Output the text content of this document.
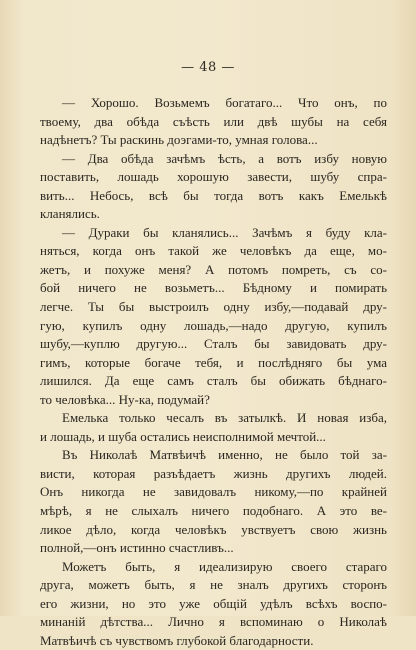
— 48 —
— Хорошо. Возьмемъ богатаго... Что онъ, по
твоему, два обѣда съѣсть или двѣ шубы на себя
надѣнетъ? Ты раскинь доэгами-то, умная голова...
— Два обѣда зачѣмъ ѣсть, а вотъ избу новую
поставить, лошадь хорошую завести, шубу спра-
вить... Небось, всѣ бы тогда вотъ какъ Емелькѣ
кланялись.
— Дураки бы кланялись... Зачѣмъ я буду кла-
няться, когда онъ такой же человѣкъ да еще, мо-
жетъ, и похуже меня? А потомъ помреть, съ со-
бой ничего не возьметъ... Бѣдному и помирать
легче. Ты бы выстроилъ одну избу,—подавай дру-
гую, купилъ одну лошадь,—надо другую, купилъ
шубу,—куплю другую... Сталъ бы завидовать дру-
гимъ, которые богаче тебя, и послѣдняго бы ума
лишился. Да еще самъ сталъ бы обижать бѣднаго-
то человѣка... Ну-ка, подумай?
Емелька только чесалъ въ затылкѣ. И новая изба,
и лошадь, и шуба остались неисполнимой мечтой...
Въ Николаѣ Матвѣичѣ именно, не было той за-
висти, которая разъѣдаетъ жизнь другихъ людей.
Онъ никогда не завидовалъ никому,—по крайней
мѣрѣ, я не слыхалъ ничего подобнаго. А это ве-
ликое дѣло, когда человѣкъ увствуетъ свою жизнь
полной,—онъ истинно счастливъ...
Можетъ быть, я идеализирую своего стараго
друга, можетъ быть, я не зналъ другихъ сторонъ
его жизни, но это уже общій удѣлъ всѣхъ воспо-
минаній дѣтства... Лично я вспоминаю о Николаѣ
Матвѣичѣ съ чувствомъ глубокой благодарности.
